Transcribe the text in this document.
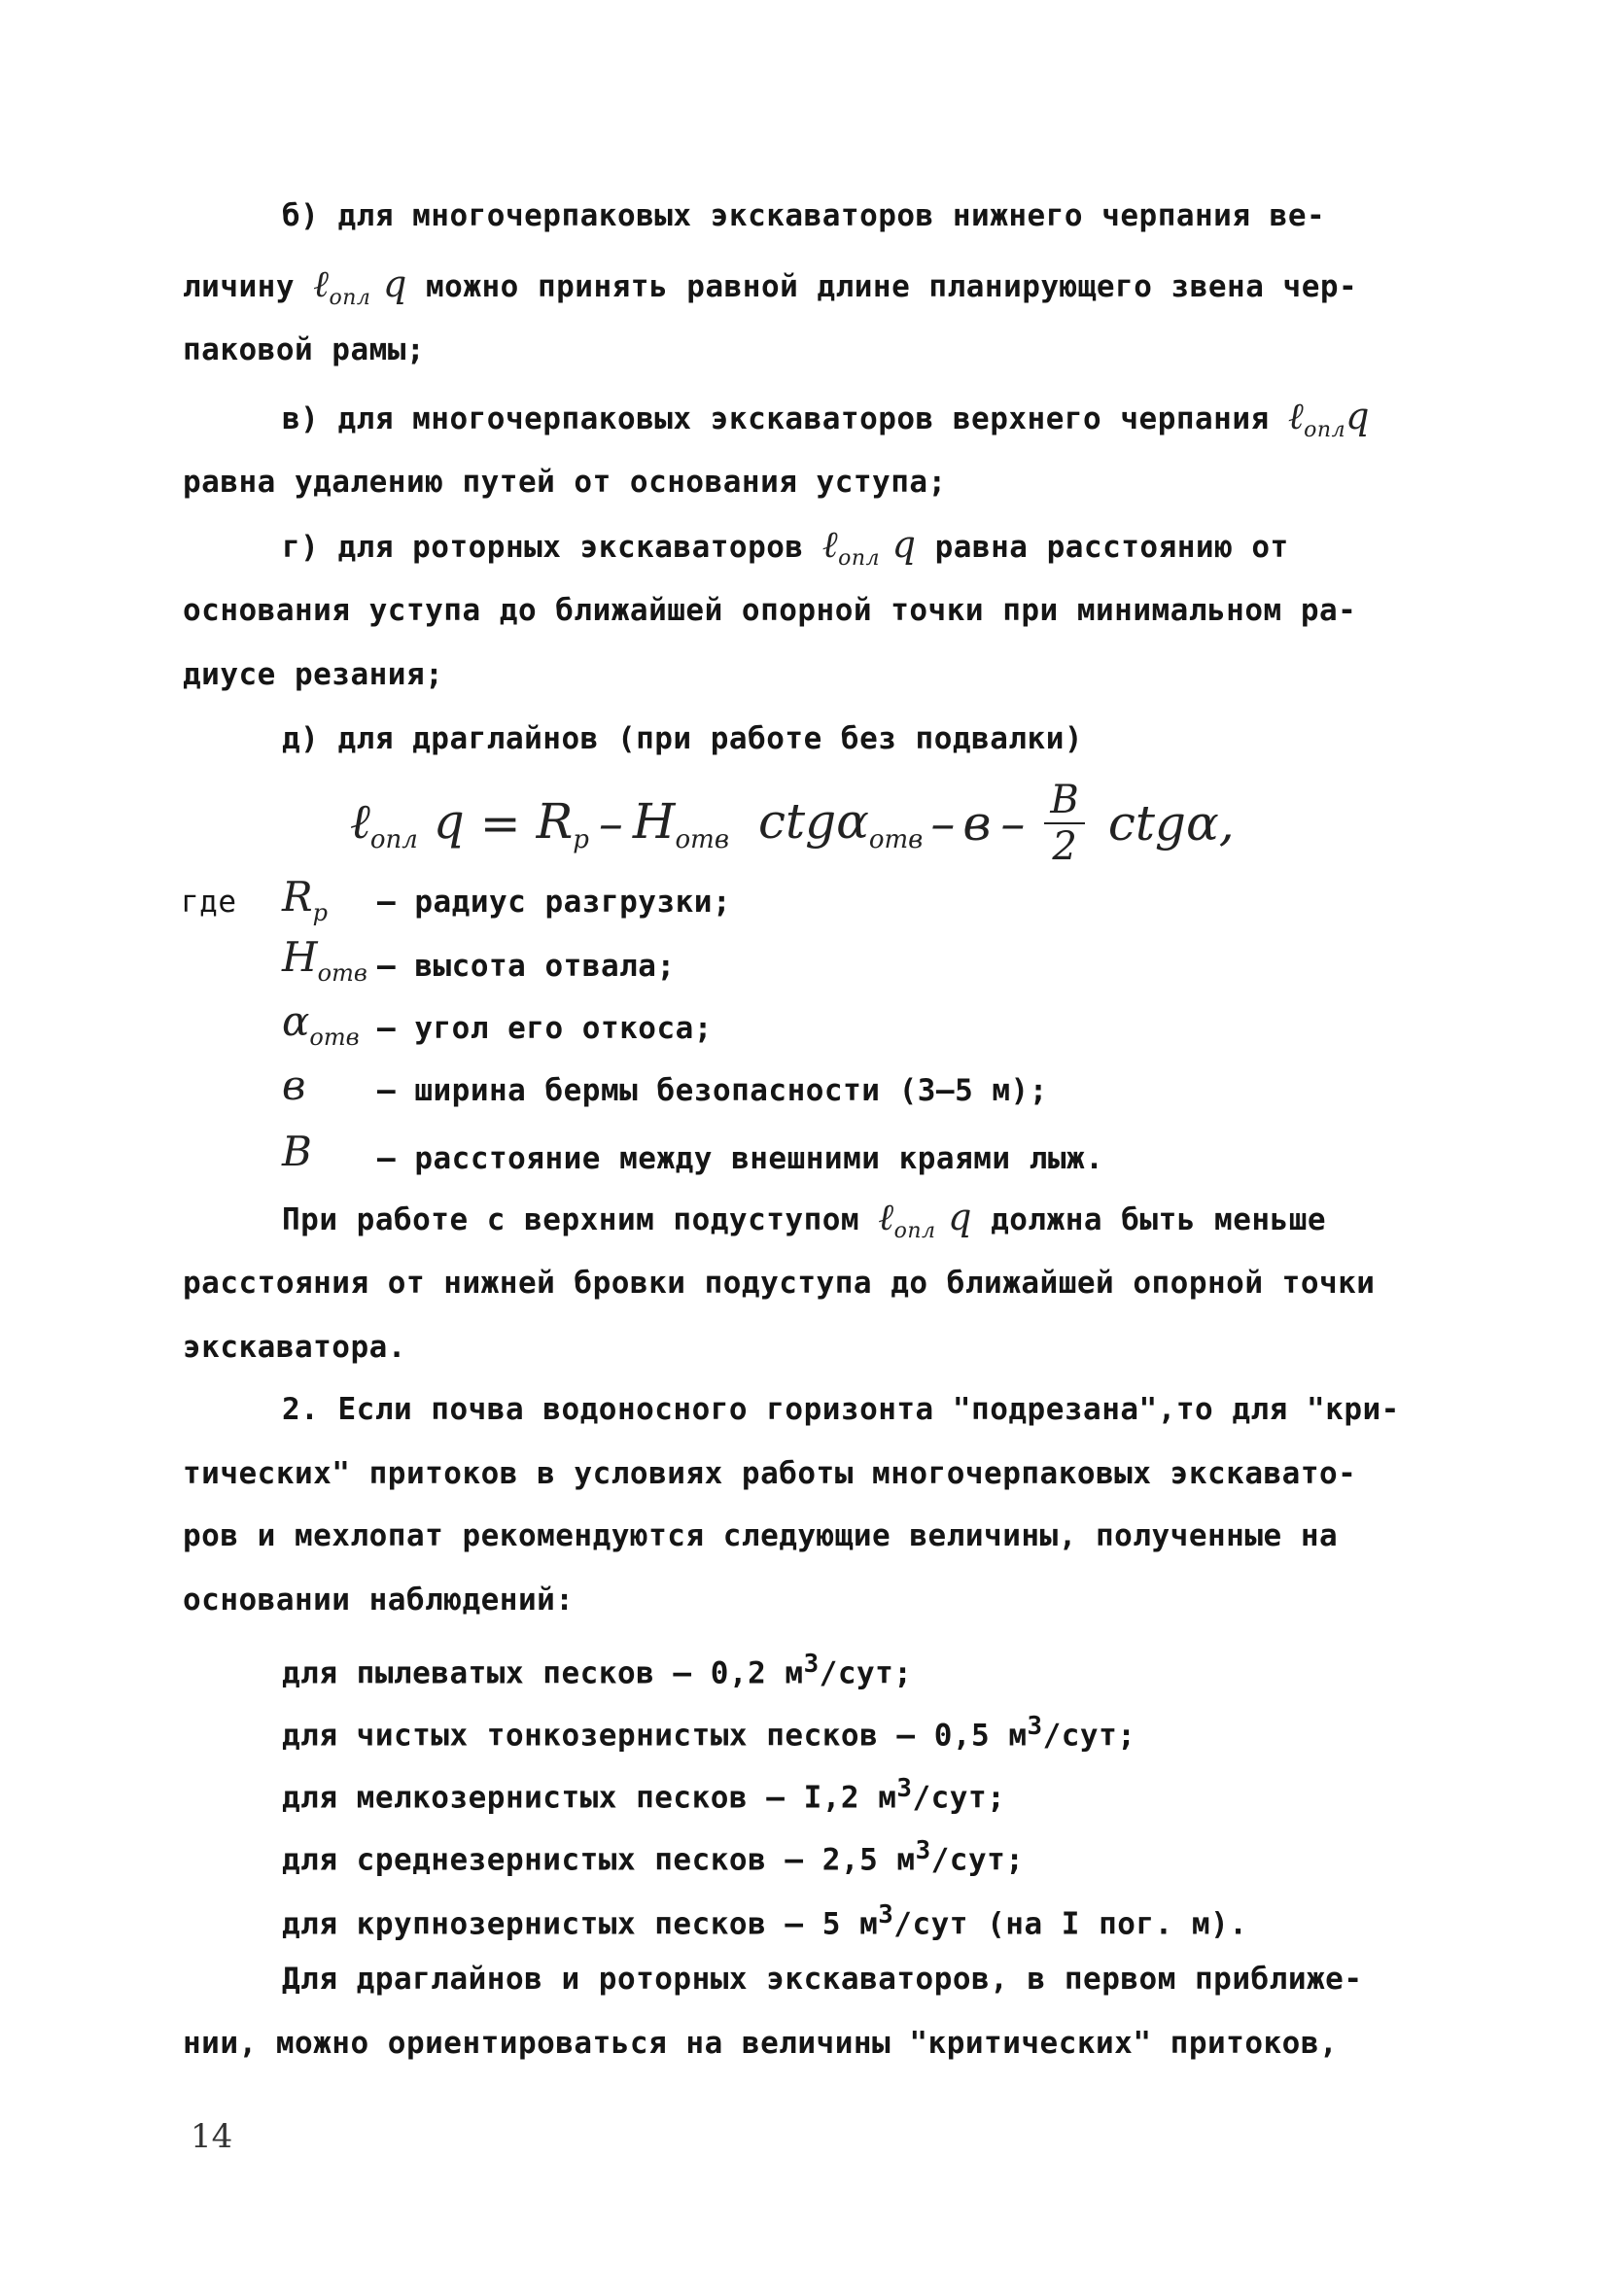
б) для многочерпаковых экскаваторов нижнего черпания ве-
личину ℓ$_{опл}$ q можно принять равной длине планирующего звена чер-
паковой рамы;
в) для многочерпаковых экскаваторов верхнего черпания ℓ$_{опл}$q
равна удалению путей от основания уступа;
г) для роторных экскаваторов ℓ$_{опл}$ q равна расстоянию от
основания уступа до ближайшей опорной точки при минимальном ра-
диусе резания;
д) для драглайнов (при работе без подвалки)
ℓ$_{опл}$ $q = R_p - H_{отв}$ ctgα$_{отв}$ – в – $\frac{B}{2} ctg\alpha$,
где $R_p$ – радиус разгрузки;
$H_{отв}$ – высота отвала;
$\alpha_{отв}$ – угол его откоса;
в – ширина бермы безопасности (3–5 м);
B – расстояние между внешними краями лыж.
При работе с верхним подуступом ℓ$_{опл}$ q должна быть меньше
расстояния от нижней бровки подуступа до ближайшей опорной точки
экскаватора.
2. Если почва водоносного горизонта "подрезана",то для "кри-
тических" притоков в условиях работы многочерпаковых экскавато-
ров и мехлопат рекомендуются следующие величины, полученные на
основании наблюдений:
для пылеватых песков – 0,2 $м^3$/сут;
для чистых тонкозернистых песков – 0,5 $м^3$/сут;
для мелкозернистых песков – I,2 $м^3$/сут;
для среднезернистых песков – 2,5 $м^3$/сут;
для крупнозернистых песков – 5 $м^3$/сут (на I пог. м).
Для драглайнов и роторных экскаваторов, в первом приближе-
нии, можно ориентироваться на величины "критических" притоков,
14
